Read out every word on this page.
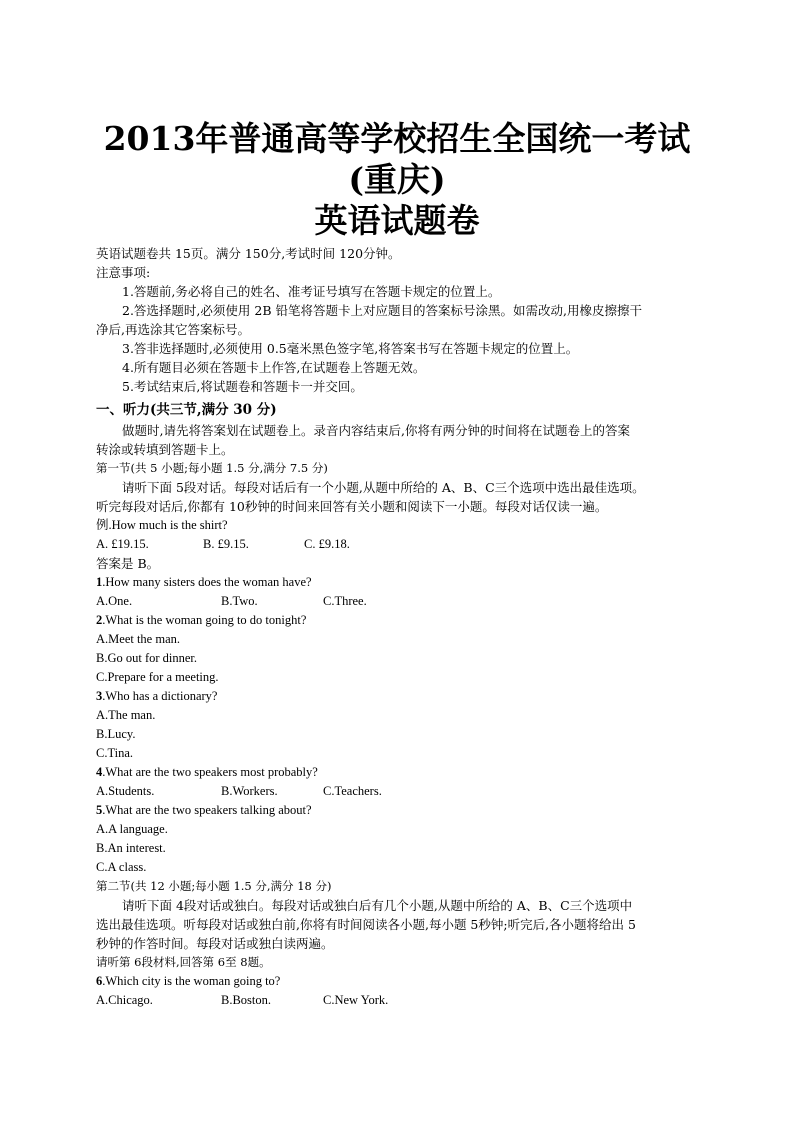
2013年普通高等学校招生全国统一考试
(重庆)
英语试题卷
英语试题卷共 15页。满分 150分,考试时间 120分钟。
注意事项:
1.答题前,务必将自己的姓名、准考证号填写在答题卡规定的位置上。
2.答选择题时,必须使用 2B 铅笔将答题卡上对应题目的答案标号涂黑。如需改动,用橡皮擦擦干
净后,再选涂其它答案标号。
3.答非选择题时,必须使用 0.5毫米黑色签字笔,将答案书写在答题卡规定的位置上。
4.所有题目必须在答题卡上作答,在试题卷上答题无效。
5.考试结束后,将试题卷和答题卡一并交回。
一、听力(共三节,满分 30 分)
做题时,请先将答案划在试题卷上。录音内容结束后,你将有两分钟的时间将在试题卷上的答案
转涂或转填到答题卡上。
第一节(共 5 小题;每小题 1.5 分,满分 7.5 分)
请听下面 5段对话。每段对话后有一个小题,从题中所给的 A、B、C三个选项中选出最佳选项。
听完每段对话后,你都有 10秒钟的时间来回答有关小题和阅读下一小题。每段对话仅读一遍。
例.How much is the shirt?
A. £19.15.	B. £9.15.	C. £9.18.
答案是 B。
1.How many sisters does the woman have?
A.One.	B.Two.	C.Three.
2.What is the woman going to do tonight?
A.Meet the man.
B.Go out for dinner.
C.Prepare for a meeting.
3.Who has a dictionary?
A.The man.
B.Lucy.
C.Tina.
4.What are the two speakers most probably?
A.Students.	B.Workers.	C.Teachers.
5.What are the two speakers talking about?
A.A language.
B.An interest.
C.A class.
第二节(共 12 小题;每小题 1.5 分,满分 18 分)
请听下面 4段对话或独白。每段对话或独白后有几个小题,从题中所给的 A、B、C三个选项中
选出最佳选项。听每段对话或独白前,你将有时间阅读各小题,每小题 5秒钟;听完后,各小题将给出 5
秒钟的作答时间。每段对话或独白读两遍。
请听第 6段材料,回答第 6至 8题。
6.Which city is the woman going to?
A.Chicago.	B.Boston.	C.New York.
